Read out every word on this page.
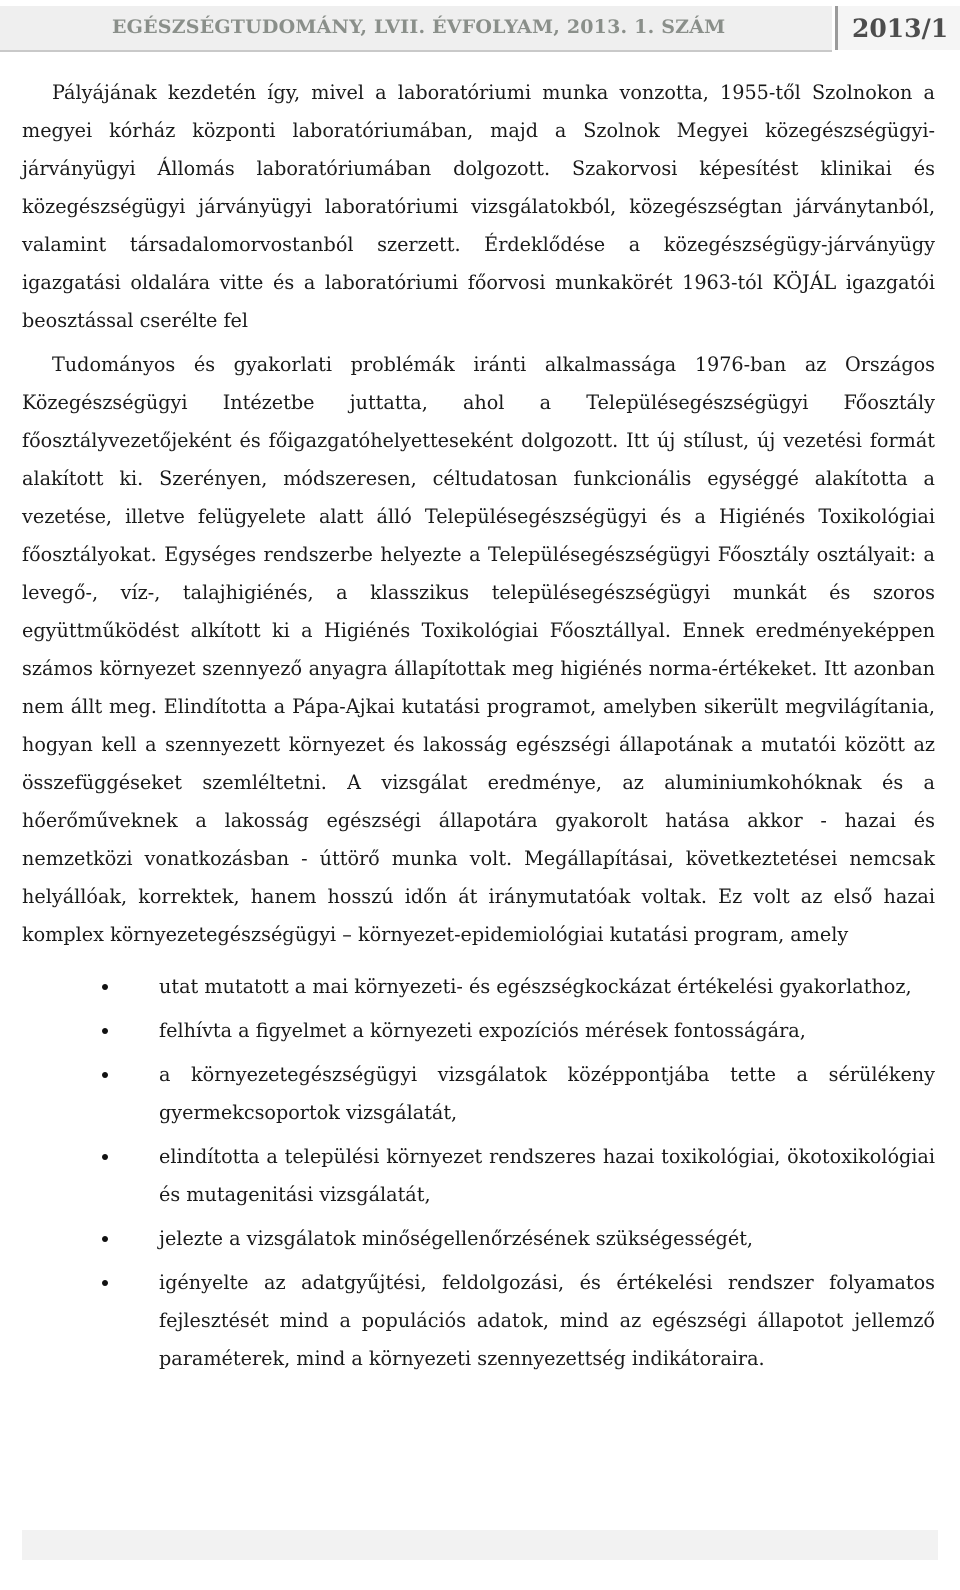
EGÉSZSÉGTUDOMÁNY, LVII. ÉVFOLYAM, 2013. 1. SZÁM	2013/1

Pályájának kezdetén így, mivel a laboratóriumi munka vonzotta, 1955-től Szolnokon a megyei kórház központi laboratóriumában, majd a Szolnok Megyei közegészségügyi-járványügyi Állomás laboratóriumában dolgozott. Szakorvosi képesítést klinikai és közegészségügyi járványügyi laboratóriumi vizsgálatokból, közegészségtan járványtanból, valamint társadalomorvostanból szerzett. Érdeklődése a közegészségügy-járványügy igazgatási oldalára vitte és a laboratóriumi főorvosi munkakörét 1963-tól KÖJÁL igazgatói beosztással cserélte fel

Tudományos és gyakorlati problémák iránti alkalmassága 1976-ban az Országos Közegészségügyi Intézetbe juttatta, ahol a Településegészségügyi Főosztály főosztályvezetőjeként és főigazgatóhelyetteseként dolgozott. Itt új stílust, új vezetési formát alakított ki. Szerényen, módszeresen, céltudatosan funkcionális egységgé alakította a vezetése, illetve felügyelete alatt álló Településegészségügyi és a Higiénés Toxikológiai főosztályokat. Egységes rendszerbe helyezte a Településegészségügyi Főosztály osztályait: a levegő-, víz-, talajhigiénés, a klasszikus településegészségügyi munkát és szoros együttműködést alkított ki a Higiénés Toxikológiai Főosztállyal. Ennek eredményeképpen számos környezet szennyező anyagra állapítottak meg higiénés norma-értékeket. Itt azonban nem állt meg. Elindította a Pápa-Ajkai kutatási programot, amelyben sikerült megvilágítania, hogyan kell a szennyezett környezet és lakosság egészségi állapotának a mutatói között az összefüggéseket szemléltetni. A vizsgálat eredménye, az aluminiumkohóknak és a hőerőműveknek a lakosság egészségi állapotára gyakorolt hatása akkor - hazai és nemzetközi vonatkozásban - úttörő munka volt. Megállapításai, következtetései nemcsak helyállóak, korrektek, hanem hosszú időn át iránymutatóak voltak. Ez volt az első hazai komplex környezetegészségügyi – környezet-epidemiológiai kutatási program, amely

utat mutatott a mai környezeti- és egészségkockázat értékelési gyakorlathoz,
felhívta a figyelmet a környezeti expozíciós mérések fontosságára,
a környezetegészségügyi vizsgálatok középpontjába tette a sérülékeny gyermekcsoportok vizsgálatát,
elindította a települési környezet rendszeres hazai toxikológiai, ökotoxikológiai és mutagenitási vizsgálatát,
jelezte a vizsgálatok minőségellenőrzésének szükségességét,
igényelte az adatgyűjtési, feldolgozási, és értékelési rendszer folyamatos fejlesztését mind a populációs adatok, mind az egészségi állapotot jellemző paraméterek, mind a környezeti szennyezettség indikátoraira.
